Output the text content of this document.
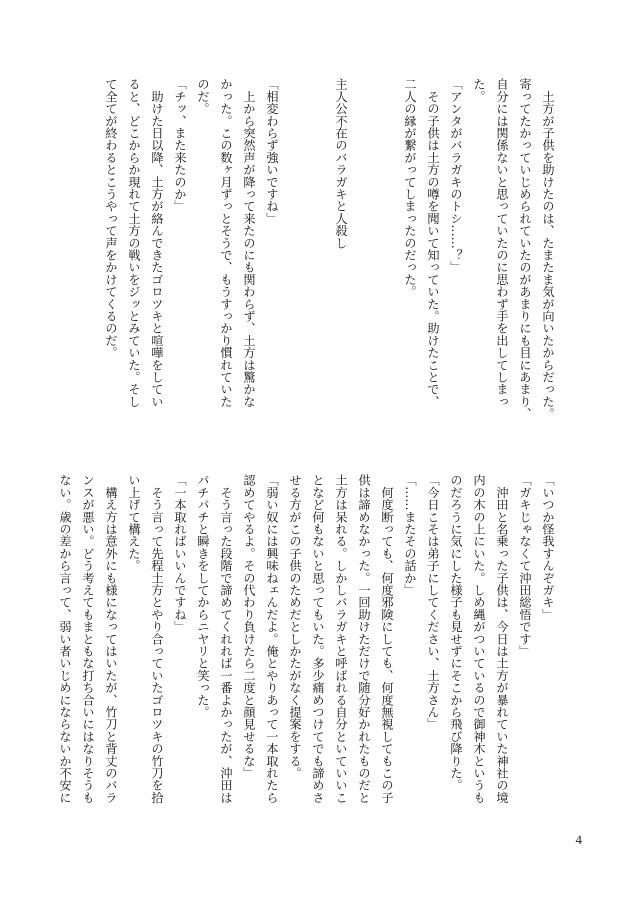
　土方が子供を助けたのは、たまたま気が向いたからだった。
寄ってたかっていじめられていたのがあまりにも目にあまり、
自分には関係ないと思っていたのに思わず手を出してしまっ
た。
「アンタがバラガキのトシ……？」
　その子供は土方の噂を聞いて知っていた。助けたことで、
二人の縁が繋がってしまったのだった。

主人公不在のバラガキと人殺し

「相変わらず強いですね」
　上から突然声が降って来たのにも関わらず、土方は驚かな
かった。この数ヶ月ずっとそうで、もうすっかり慣れていた
のだ。
「チッ、また来たのか」
　助けた日以降、土方が絡んできたゴロツキと喧嘩をしてい
ると、どこからか現れて土方の戦いをジッとみていた。そし
て全てが終わるとこうやって声をかけてくるのだ。
「いつか怪我すんぞガキ」
「ガキじゃなくて沖田総悟です」
　沖田と名乗った子供は、今日は土方が暴れていた神社の境
内の木の上にいた。しめ縄がついているので御神木というも
のだろうに気にした様子も見せずにそこから飛び降りた。
「今日こそは弟子にしてください、土方さん」
「……またその話か」
　何度断っても、何度邪険にしても、何度無視してもこの子
供は諦めなかった。一回助けただけで随分好かれたものだと
土方は呆れる。しかしバラガキと呼ばれる自分といていいこ
となど何もないと思ってもいた。多少痛めつけてでも諦めさ
せる方がこの子供のためだとしかたがなく提案をする。
「弱い奴には興味ねェんだよ。俺とやりあって一本取れたら
認めてやるよ。その代わり負けたら二度と顔見せるな」
　そう言った段階で諦めてくれれば一番よかったが、沖田は
パチパチと瞬きをしてからニヤリと笑った。
「一本取ればいいんですね」
　そう言って先程土方とやり合っていたゴロツキの竹刀を拾
い上げて構えた。
　構え方は意外にも様になってはいたが、竹刀と背丈のバラ
ンスが悪い。どう考えてもまともな打ち合いにはなりそうも
ない。歳の差から言って、弱い者いじめにならないか不安に
4
